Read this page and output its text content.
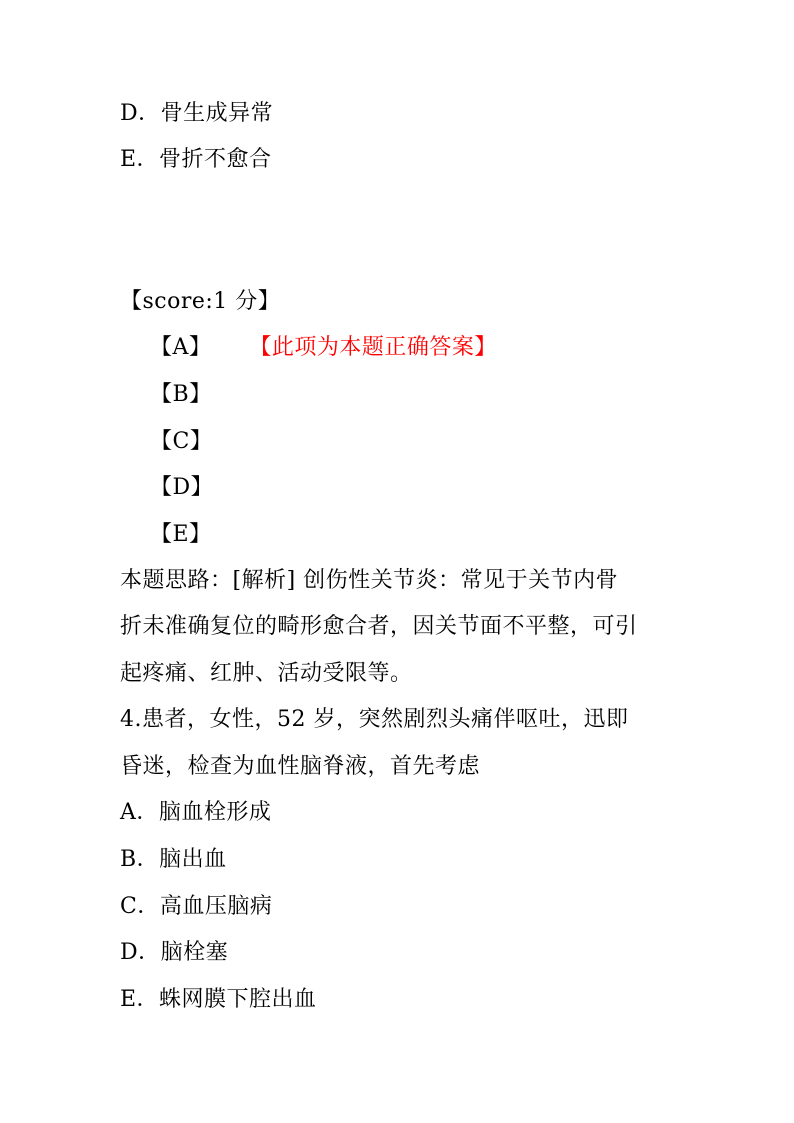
D．骨生成异常
E．骨折不愈合
【score:1 分】
【A】 【此项为本题正确答案】
【B】
【C】
【D】
【E】
本题思路：[解析] 创伤性关节炎：常见于关节内骨
折未准确复位的畸形愈合者，因关节面不平整，可引
起疼痛、红肿、活动受限等。
4.患者，女性，52 岁，突然剧烈头痛伴呕吐，迅即
昏迷，检查为血性脑脊液，首先考虑
A．脑血栓形成
B．脑出血
C．高血压脑病
D．脑栓塞
E．蛛网膜下腔出血
